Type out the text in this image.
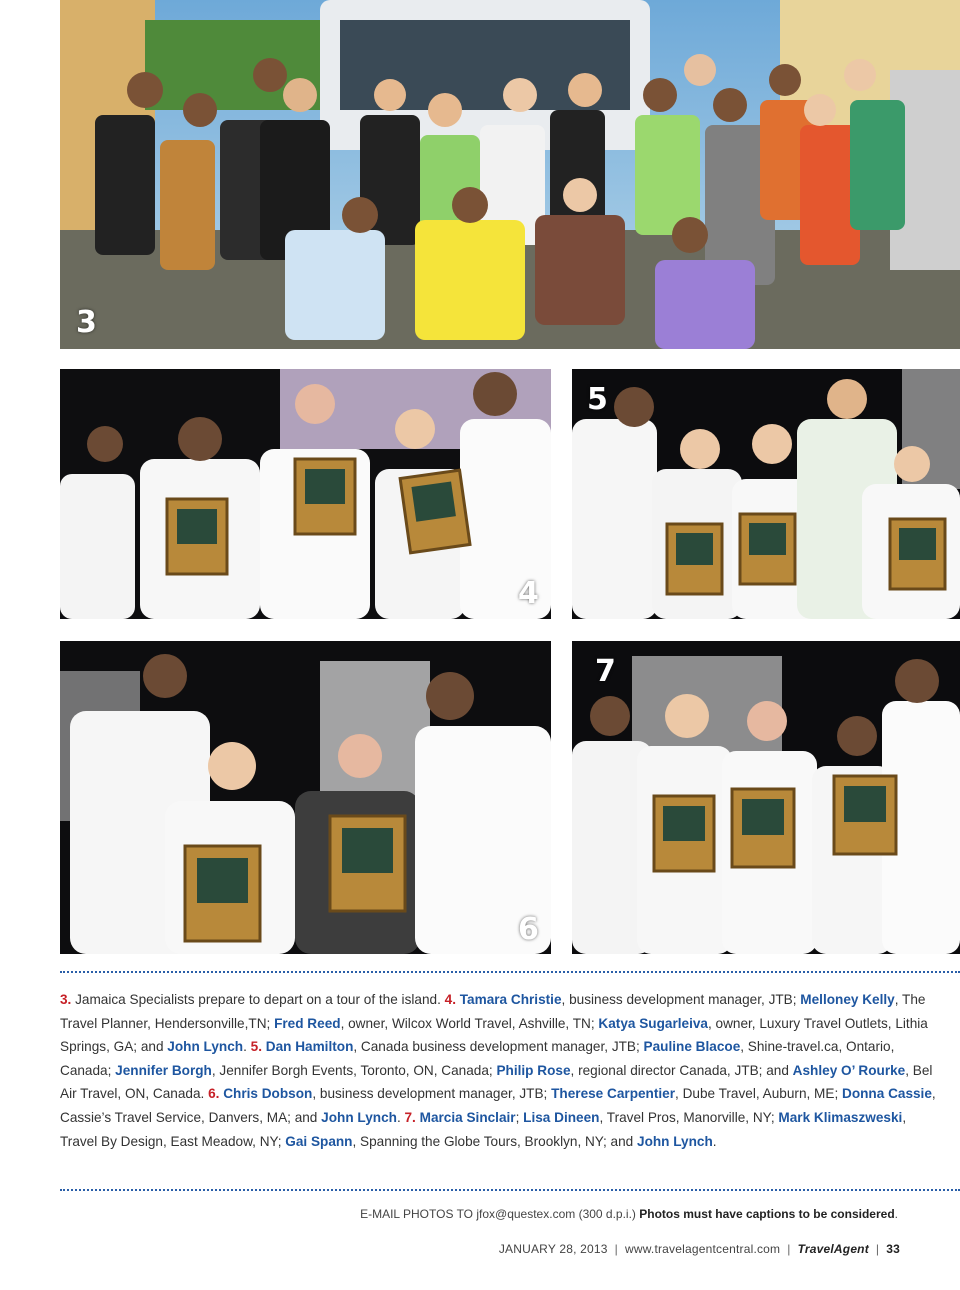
3
4
5
6
7
3. Jamaica Specialists prepare to depart on a tour of the island. 4. Tamara Christie, business development manager, JTB; Melloney Kelly, The Travel Planner, Hendersonville,TN; Fred Reed, owner, Wilcox World Travel, Ashville, TN; Katya Sugarleiva, owner, Luxury Travel Outlets, Lithia Springs, GA; and John Lynch. 5. Dan Hamilton, Canada business development manager, JTB; Pauline Blacoe, Shine-travel.ca, Ontario, Canada; Jennifer Borgh, Jennifer Borgh Events, Toronto, ON, Canada; Philip Rose, regional director Canada, JTB; and Ashley O’ Rourke, Bel Air Travel, ON, Canada. 6. Chris Dobson, business development manager, JTB; Therese Carpentier, Dube Travel, Auburn, ME; Donna Cassie, Cassie’s Travel Service, Danvers, MA; and John Lynch. 7. Marcia Sinclair; Lisa Dineen, Travel Pros, Manorville, NY; Mark Klimaszweski, Travel By Design, East Meadow, NY; Gai Spann, Spanning the Globe Tours, Brooklyn, NY; and John Lynch.
E-MAIL PHOTOS TO jfox@questex.com (300 d.p.i.) Photos must have captions to be considered.
JANUARY 28, 2013 | www.travelagentcentral.com | TravelAgent | 33
